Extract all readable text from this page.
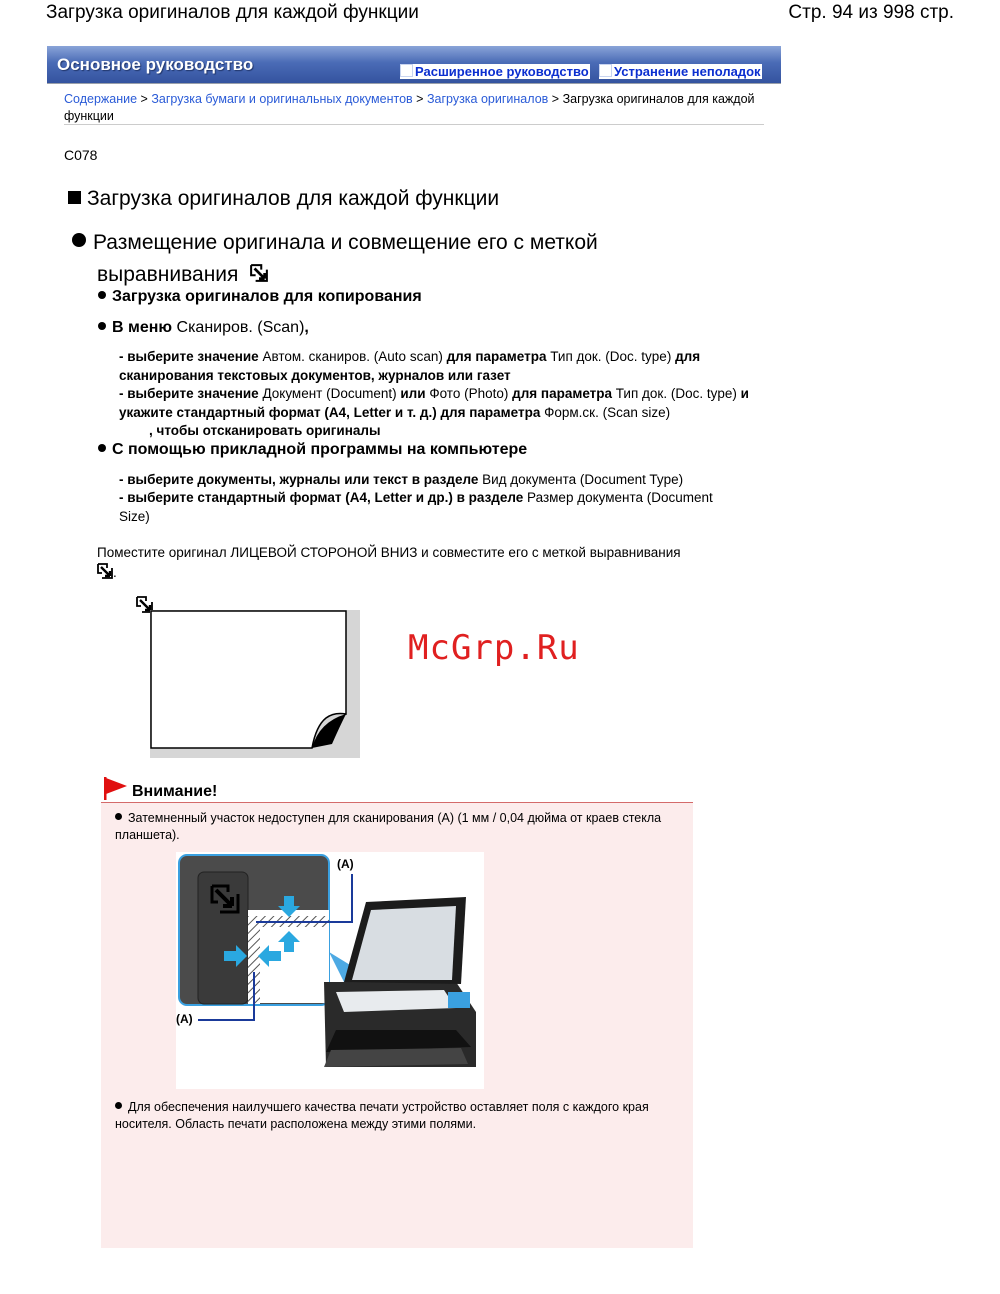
Загрузка оригиналов для каждой функции	Стр. 94 из 998 стр.
Основное руководство	Расширенное руководство	Устранение неполадок
Содержание > Загрузка бумаги и оригинальных документов > Загрузка оригиналов > Загрузка оригиналов для каждой функции
C078
Загрузка оригиналов для каждой функции
Размещение оригинала и совмещение его с меткой
выравнивания
Загрузка оригиналов для копирования
В меню Сканиров. (Scan),
- выберите значение Автом. сканиров. (Auto scan) для параметра Тип док. (Doc. type) для сканирования текстовых документов, журналов или газет
- выберите значение Документ (Document) или Фото (Photo) для параметра Тип док. (Doc. type) и укажите стандартный формат (A4, Letter и т. д.) для параметра Форм.ск. (Scan size)
, чтобы отсканировать оригиналы
С помощью прикладной программы на компьютере
- выберите документы, журналы или текст в разделе Вид документа (Document Type)
- выберите стандартный формат (A4, Letter и др.) в разделе Размер документа (Document Size)
Поместите оригинал ЛИЦЕВОЙ СТОРОНОЙ ВНИЗ и совместите его с меткой выравнивания
.
McGrp.Ru
Внимание!
Затемненный участок недоступен для сканирования (A) (1 мм / 0,04 дюйма от краев стекла планшета).
(A)
(A)
Для обеспечения наилучшего качества печати устройство оставляет поля с каждого края носителя. Область печати расположена между этими полями.
